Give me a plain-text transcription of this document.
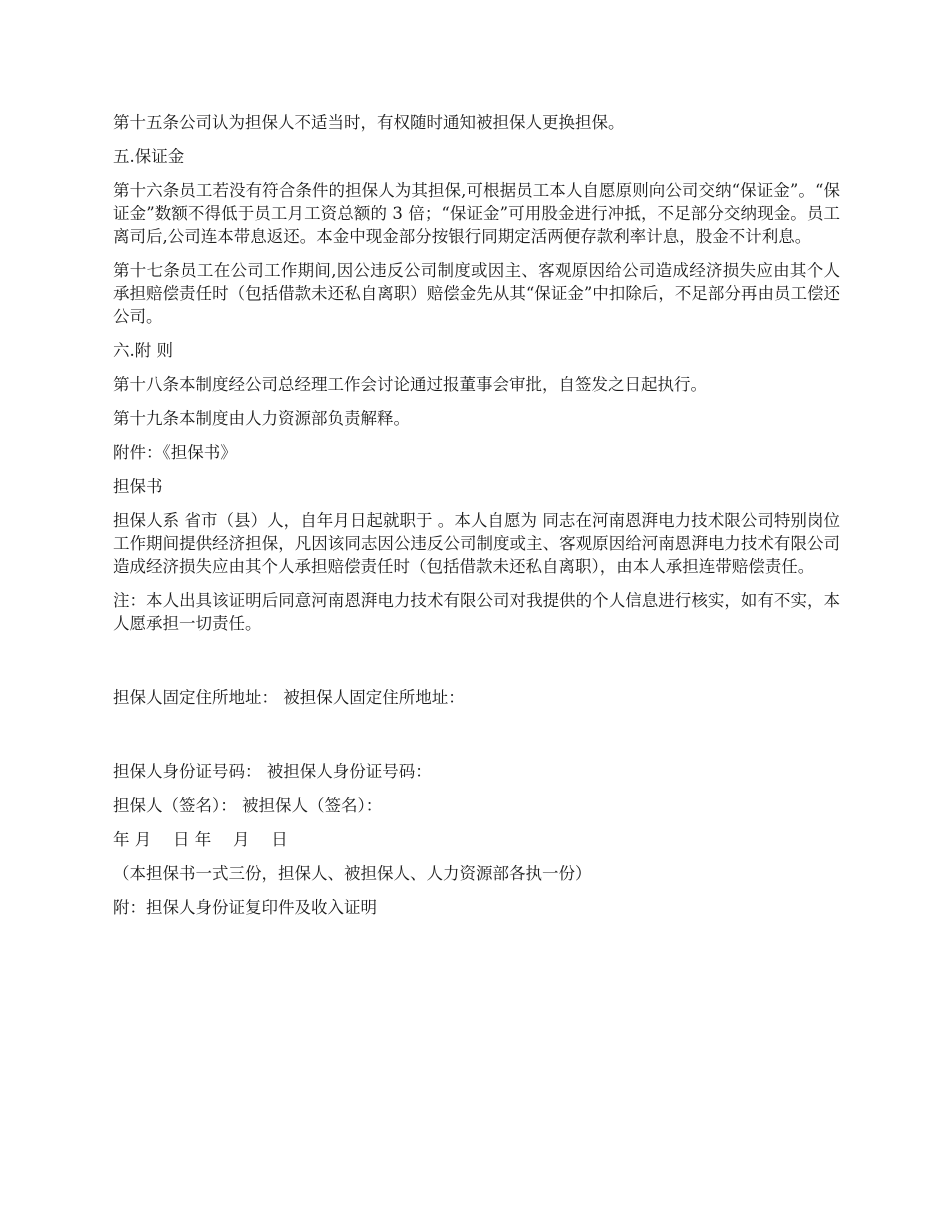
第十五条公司认为担保人不适当时，有权随时通知被担保人更换担保。

五.保证金

第十六条员工若没有符合条件的担保人为其担保,可根据员工本人自愿原则向公司交纳“保证金”。“保证金”数额不得低于员工月工资总额的 3 倍；“保证金”可用股金进行冲抵，不足部分交纳现金。员工离司后,公司连本带息返还。本金中现金部分按银行同期定活两便存款利率计息，股金不计利息。

第十七条员工在公司工作期间,因公违反公司制度或因主、客观原因给公司造成经济损失应由其个人承担赔偿责任时（包括借款未还私自离职）赔偿金先从其“保证金”中扣除后，不足部分再由员工偿还公司。

六.附 则

第十八条本制度经公司总经理工作会讨论通过报董事会审批，自签发之日起执行。

第十九条本制度由人力资源部负责解释。

附件：《担保书》

担保书

担保人系 省市（县）人，自年月日起就职于 。本人自愿为 同志在河南恩湃电力技术限公司特别岗位工作期间提供经济担保，凡因该同志因公违反公司制度或主、客观原因给河南恩湃电力技术有限公司造成经济损失应由其个人承担赔偿责任时（包括借款未还私自离职），由本人承担连带赔偿责任。

注：本人出具该证明后同意河南恩湃电力技术有限公司对我提供的个人信息进行核实，如有不实，本人愿承担一切责任。

担保人固定住所地址： 被担保人固定住所地址：

担保人身份证号码： 被担保人身份证号码：

担保人（签名）： 被担保人（签名）：

年 月　 日 年　 月　 日

（本担保书一式三份，担保人、被担保人、人力资源部各执一份）

附：担保人身份证复印件及收入证明
